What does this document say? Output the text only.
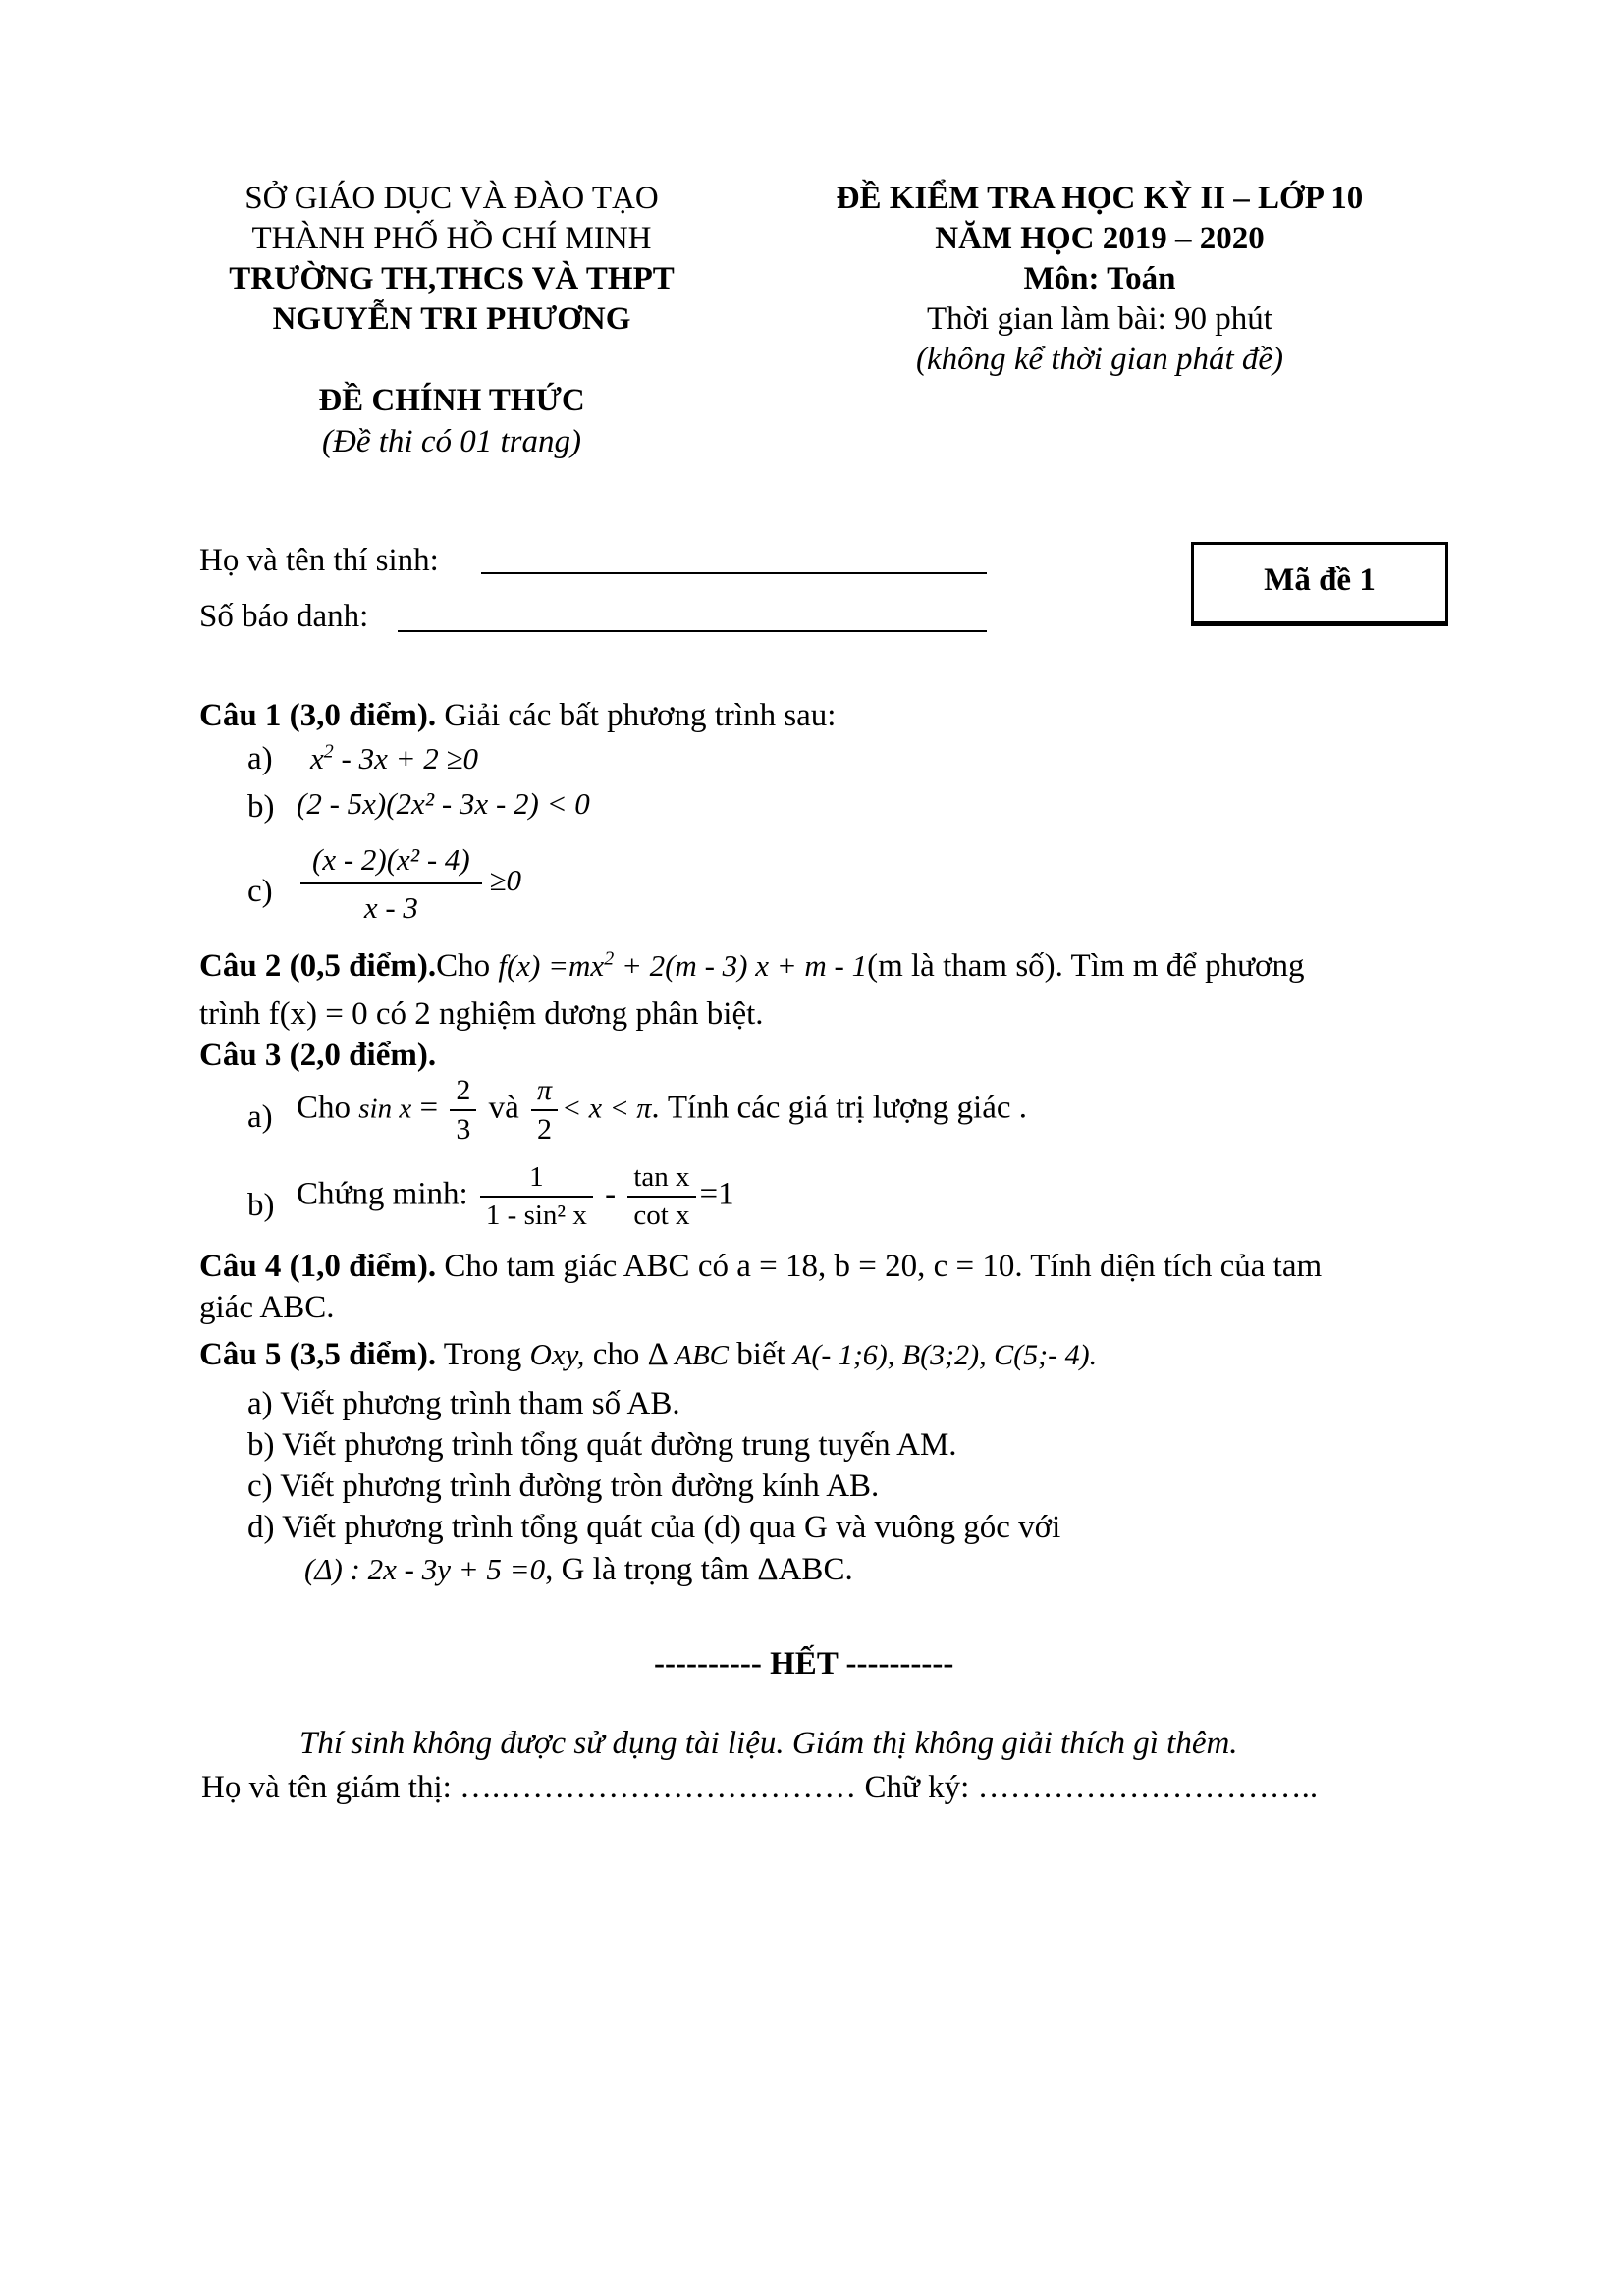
SỞ GIÁO DỤC VÀ ĐÀO TẠO
THÀNH PHỐ HỒ CHÍ MINH
TRƯỜNG TH,THCS VÀ THPT
NGUYỄN TRI PHƯƠNG
ĐỀ CHÍNH THỨC
(Đề thi có 01 trang)
ĐỀ KIỂM TRA HỌC KỲ II – LỚP 10
NĂM HỌC 2019 – 2020
Môn: Toán
Thời gian làm bài: 90 phút
(không kể thời gian phát đề)
Họ và tên thí sinh:
Số báo danh:
Mã đề 1
Câu 1 (3,0 điểm). Giải các bất phương trình sau:
a) $x^2 - 3x + 2 \ge 0$
b) (2 - 5x)(2x² - 3x - 2) < 0
$c) \frac{\text{(x - 2)(x² - 4)}}{x - 3} \ge 0$
Câu 2 (0,5 điểm).Cho $f(x) =mx^2 + 2(m - 3) x + m - 1(m$ là tham số). Tìm m để phương
trình f(x) = 0 có 2 nghiệm dương phân biệt.
Câu 3 (2,0 điểm).
a) Cho $\sin x = \frac{2}{3}$ và $\frac{\pi}{2} < x < \pi$. Tính các giá trị lượng giác .
b) Chứng minh: $\frac{1}{\text{1 - sin² x}} - \frac{\text{tan x}}{\text{cot x}} =1$
Câu 4 (1,0 điểm). Cho tam giác ABC có a = 18, b = 20, c = 10. Tính diện tích của tam
giác ABC.
Câu 5 (3,5 điểm). Trong Oxy, cho Δ ABC biết A(- 1;6), B(3;2), C(5;- 4).
a) Viết phương trình tham số AB.
b) Viết phương trình tổng quát đường trung tuyến AM.
c) Viết phương trình đường tròn đường kính AB.
d) Viết phương trình tổng quát của (d) qua G và vuông góc với
(Δ) : 2x - 3y + 5 =0, G là trọng tâm ΔABC.
---------- HẾT ----------
Thí sinh không được sử dụng tài liệu. Giám thị không giải thích gì thêm.
Họ và tên giám thị: ….…………………………… Chữ ký: …………………………..
